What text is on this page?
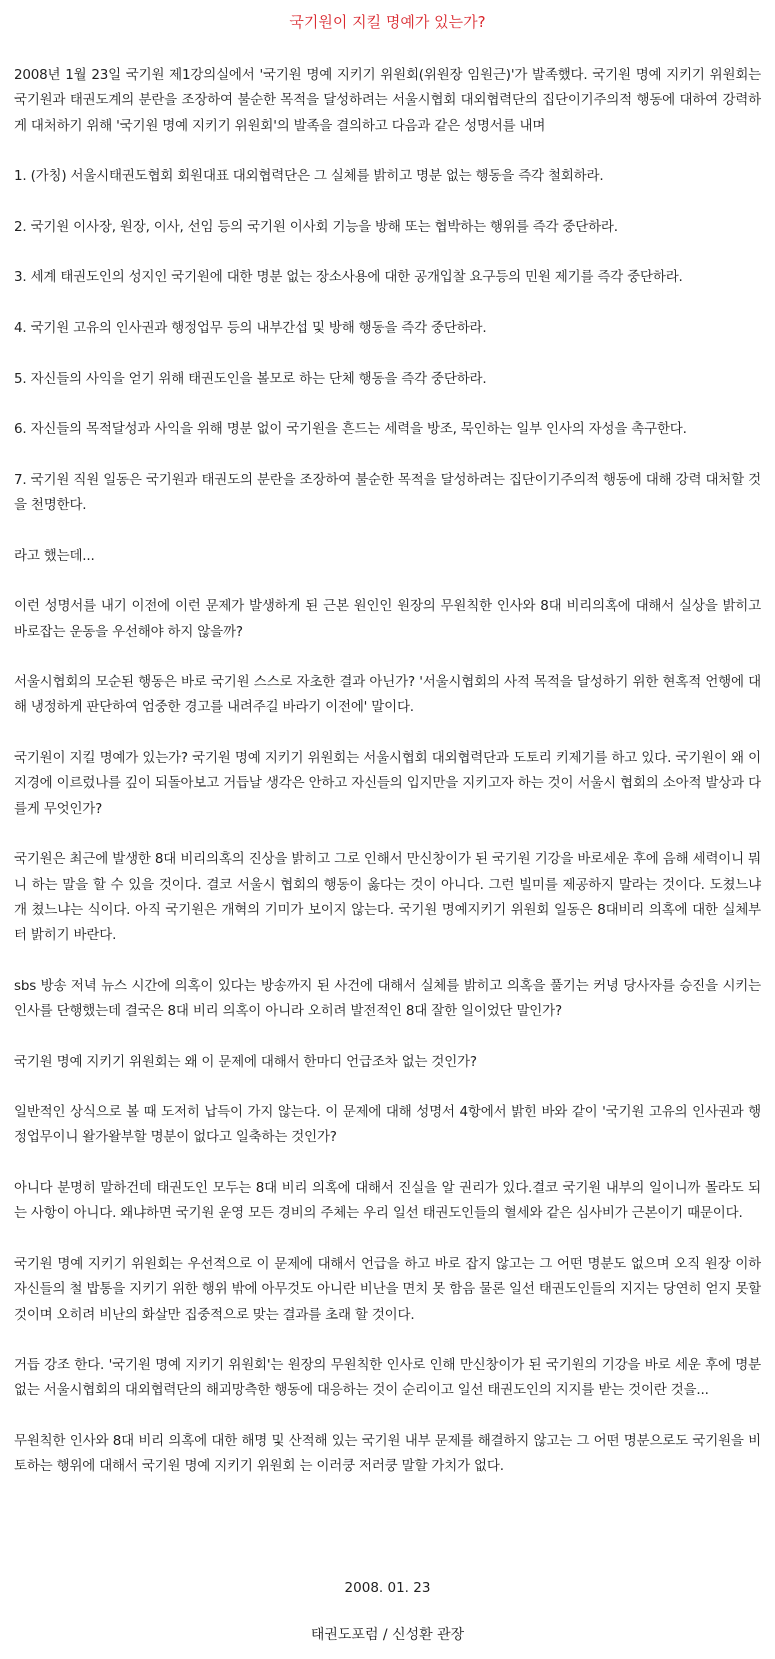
국기원이 지킬 명예가 있는가?

2008년 1월 23일 국기원 제1강의실에서 '국기원 명예 지키기 위원회(위원장 임원근)'가 발족했다. 국기원 명예 지키기 위원회는 국기원과 태권도계의 분란을 조장하여 불순한 목적을 달성하려는 서울시협회 대외협력단의 집단이기주의적 행동에 대하여 강력하게 대처하기 위해 '국기원 명예 지키기 위원회'의 발족을 결의하고 다음과 같은 성명서를 내며

1. (가칭) 서울시태권도협회 회원대표 대외협력단은 그 실체를 밝히고 명분 없는 행동을 즉각 철회하라.

2. 국기원 이사장, 원장, 이사, 선임 등의 국기원 이사회 기능을 방해 또는 협박하는 행위를 즉각 중단하라.

3. 세계 태권도인의 성지인 국기원에 대한 명분 없는 장소사용에 대한 공개입찰 요구등의 민원 제기를 즉각 중단하라.

4. 국기원 고유의 인사권과 행정업무 등의 내부간섭 및 방해 행동을 즉각 중단하라.

5. 자신들의 사익을 얻기 위해 태권도인을 볼모로 하는 단체 행동을 즉각 중단하라.

6. 자신들의 목적달성과 사익을 위해 명분 없이 국기원을 흔드는 세력을 방조, 묵인하는 일부 인사의 자성을 촉구한다.

7. 국기원 직원 일동은 국기원과 태권도의 분란을 조장하여 불순한 목적을 달성하려는 집단이기주의적 행동에 대해 강력 대처할 것을 천명한다.

라고 했는데...

이런 성명서를 내기 이전에 이런 문제가 발생하게 된 근본 원인인 원장의 무원칙한 인사와 8대 비리의혹에 대해서 실상을 밝히고 바로잡는 운동을 우선해야 하지 않을까?

서울시협회의 모순된 행동은 바로 국기원 스스로 자초한 결과 아닌가? '서울시협회의 사적 목적을 달성하기 위한 현혹적 언행에 대해 냉정하게 판단하여 엄중한 경고를 내려주길 바라기 이전에' 말이다.

국기원이 지킬 명예가 있는가? 국기원 명예 지키기 위원회는 서울시협회 대외협력단과 도토리 키제기를 하고 있다. 국기원이 왜 이 지경에 이르렀나를 깊이 되돌아보고 거듭날 생각은 안하고 자신들의 입지만을 지키고자 하는 것이 서울시 협회의 소아적 발상과 다를게 무엇인가?

국기원은 최근에 발생한 8대 비리의혹의 진상을 밝히고 그로 인해서 만신창이가 된 국기원 기강을 바로세운 후에 음해 세력이니 뭐니 하는 말을 할 수 있을 것이다. 결코 서울시 협회의 행동이 옳다는 것이 아니다. 그런 빌미를 제공하지 말라는 것이다. 도쳤느냐 개 쳤느냐는 식이다. 아직 국기원은 개혁의 기미가 보이지 않는다. 국기원 명예지키기 위원회 일동은 8대비리 의혹에 대한 실체부터 밝히기 바란다.

sbs 방송 저녁 뉴스 시간에 의혹이 있다는 방송까지 된 사건에 대해서 실체를 밝히고 의혹을 풀기는 커녕 당사자를 승진을 시키는 인사를 단행했는데 결국은 8대 비리 의혹이 아니라 오히려 발전적인 8대 잘한 일이었단 말인가?

국기원 명예 지키기 위원회는 왜 이 문제에 대해서 한마디 언급조차 없는 것인가?

일반적인 상식으로 볼 때 도저히 납득이 가지 않는다. 이 문제에 대해 성명서 4항에서 밝힌 바와 같이 '국기원 고유의 인사권과 행정업무이니 왈가왈부할 명분이 없다고 일축하는 것인가?

아니다 분명히 말하건데 태권도인 모두는 8대 비리 의혹에 대해서 진실을 알 권리가 있다.결코 국기원 내부의 일이니까 몰라도 되는 사항이 아니다. 왜냐하면 국기원 운영 모든 경비의 주체는 우리 일선 태권도인들의 혈세와 같은 심사비가 근본이기 때문이다.

국기원 명예 지키기 위원회는 우선적으로 이 문제에 대해서 언급을 하고 바로 잡지 않고는 그 어떤 명분도 없으며 오직 원장 이하 자신들의 철 밥통을 지키기 위한 행위 밖에 아무것도 아니란 비난을 면치 못 함음 물론 일선 태권도인들의 지지는 당연히 얻지 못할 것이며 오히려 비난의 화살만 집중적으로 맞는 결과를 초래 할 것이다.

거듭 강조 한다. '국기원 명예 지키기 위원회'는 원장의 무원칙한 인사로 인해 만신창이가 된 국기원의 기강을 바로 세운 후에 명분 없는 서울시협회의 대외협력단의 해괴망측한 행동에 대응하는 것이 순리이고 일선 태권도인의 지지를 받는 것이란 것을...

무원칙한 인사와 8대 비리 의혹에 대한 해명 및 산적해 있는 국기원 내부 문제를 해결하지 않고는 그 어떤 명분으로도 국기원을 비토하는 행위에 대해서 국기원 명예 지키기 위원회 는 이러쿵 저러쿵 말할 가치가 없다.

2008. 01. 23
태권도포럼 / 신성환 관장
